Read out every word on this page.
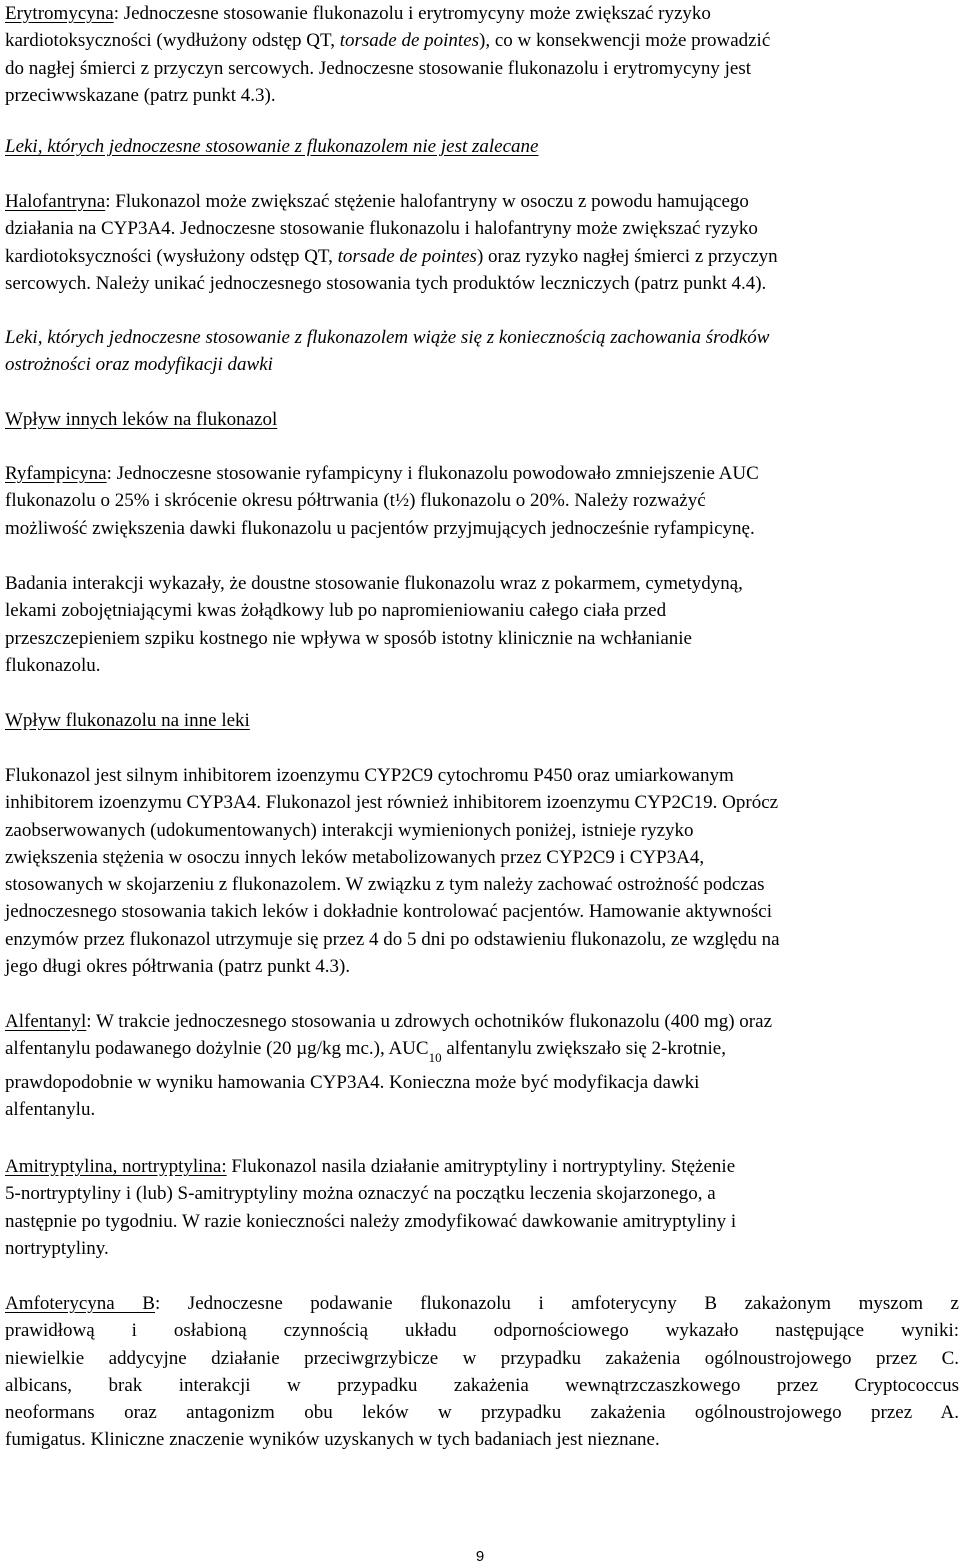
Erytromycyna: Jednoczesne stosowanie flukonazolu i erytromycyny może zwiększać ryzyko
kardiotoksyczności (wydłużony odstęp QT, torsade de pointes), co w konsekwencji może prowadzić
do nagłej śmierci z przyczyn sercowych. Jednoczesne stosowanie flukonazolu i erytromycyny jest
przeciwwskazane (patrz punkt 4.3).
Leki, których jednoczesne stosowanie z flukonazolem nie jest zalecane
Halofantryna: Flukonazol może zwiększać stężenie halofantryny w osoczu z powodu hamującego
działania na CYP3A4. Jednoczesne stosowanie flukonazolu i halofantryny może zwiększać ryzyko
kardiotoksyczności (wysłużony odstęp QT, torsade de pointes) oraz ryzyko nagłej śmierci z przyczyn
sercowych. Należy unikać jednoczesnego stosowania tych produktów leczniczych (patrz punkt 4.4).
Leki, których jednoczesne stosowanie z flukonazolem wiąże się z koniecznością zachowania środków
ostrożności oraz modyfikacji dawki
Wpływ innych leków na flukonazol
Ryfampicyna: Jednoczesne stosowanie ryfampicyny i flukonazolu powodowało zmniejszenie AUC
flukonazolu o 25% i skrócenie okresu półtrwania (t½) flukonazolu o 20%. Należy rozważyć
możliwość zwiększenia dawki flukonazolu u pacjentów przyjmujących jednocześnie ryfampicynę.
Badania interakcji wykazały, że doustne stosowanie flukonazolu wraz z pokarmem, cymetydyną,
lekami zobojętniającymi kwas żołądkowy lub po napromieniowaniu całego ciała przed
przeszczepieniem szpiku kostnego nie wpływa w sposób istotny klinicznie na wchłanianie
flukonazolu.
Wpływ flukonazolu na inne leki
Flukonazol jest silnym inhibitorem izoenzymu CYP2C9 cytochromu P450 oraz umiarkowanym
inhibitorem izoenzymu CYP3A4. Flukonazol jest również inhibitorem izoenzymu CYP2C19. Oprócz
zaobserwowanych (udokumentowanych) interakcji wymienionych poniżej, istnieje ryzyko
zwiększenia stężenia w osoczu innych leków metabolizowanych przez CYP2C9 i CYP3A4,
stosowanych w skojarzeniu z flukonazolem. W związku z tym należy zachować ostrożność podczas
jednoczesnego stosowania takich leków i dokładnie kontrolować pacjentów. Hamowanie aktywności
enzymów przez flukonazol utrzymuje się przez 4 do 5 dni po odstawieniu flukonazolu, ze względu na
jego długi okres półtrwania (patrz punkt 4.3).
Alfentanyl: W trakcie jednoczesnego stosowania u zdrowych ochotników flukonazolu (400 mg) oraz
alfentanylu podawanego dożylnie (20 µg/kg mc.), $AUC_{10}$ alfentanylu zwiększało się 2-krotnie,
prawdopodobnie w wyniku hamowania CYP3A4. Konieczna może być modyfikacja dawki
alfentanylu.
Amitryptylina, nortryptylina: Flukonazol nasila działanie amitryptyliny i nortryptyliny. Stężenie
5-nortryptyliny i (lub) S-amitryptyliny można oznaczyć na początku leczenia skojarzonego, a
następnie po tygodniu. W razie konieczności należy zmodyfikować dawkowanie amitryptyliny i
nortryptyliny.
Amfoterycyna B: Jednoczesne podawanie flukonazolu i amfoterycyny B zakażonym myszom z
prawidłową i osłabioną czynnością układu odpornościowego wykazało następujące wyniki:
niewielkie addycyjne działanie przeciwgrzybicze w przypadku zakażenia ogólnoustrojowego przez C.
albicans, brak interakcji w przypadku zakażenia wewnątrzczaszkowego przez Cryptococcus
neoformans oraz antagonizm obu leków w przypadku zakażenia ogólnoustrojowego przez A.
fumigatus. Kliniczne znaczenie wyników uzyskanych w tych badaniach jest nieznane.
9
